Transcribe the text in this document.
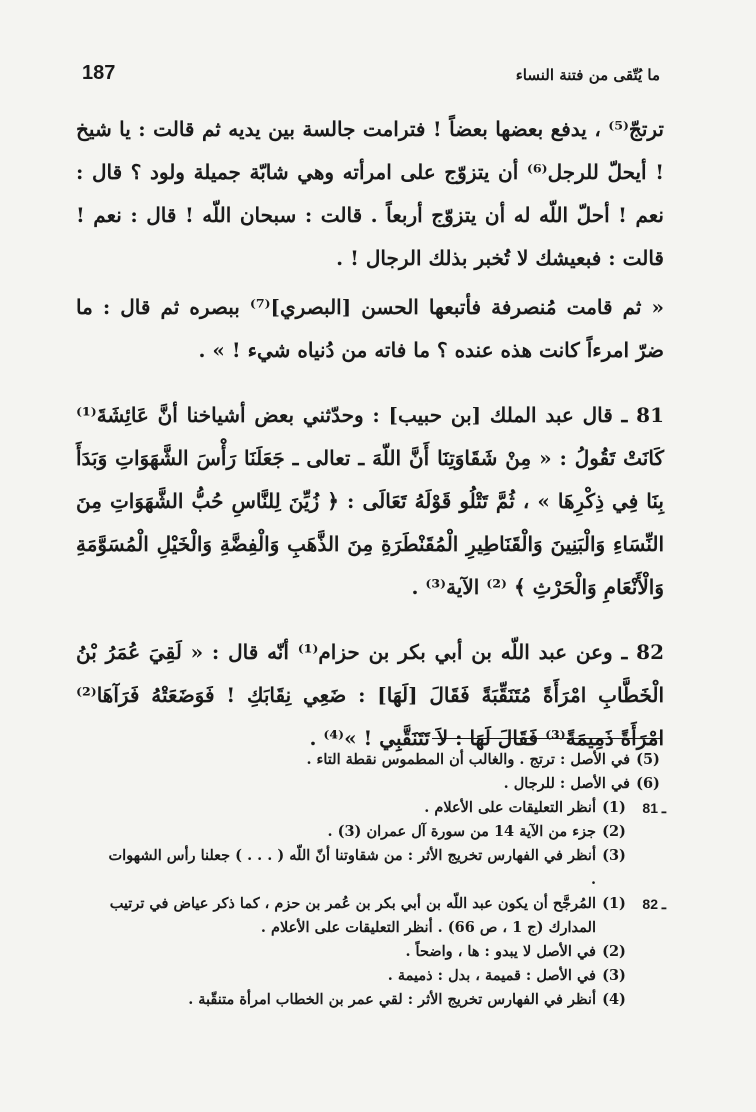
ما يُتّقى من فتنة النساء
187

ترتجّ⁽⁵⁾ ، يدفع بعضها بعضاً ! فترامت جالسة بين يديه ثم قالت : يا شيخ ! أيحلّ للرجل⁽⁶⁾ أن يتزوّج على امرأته وهي شابّة جميلة ولود ؟ قال : نعم ! أحلّ اللّه له أن يتزوّج أربعاً . قالت : سبحان اللّه ! قال : نعم ! قالت : فبعيشك لا تُخبر بذلك الرجال ! .

« ثم قامت مُنصرفة فأتبعها الحسن [البصري]⁽⁷⁾ ببصره ثم قال : ما ضرّ امرءاً كانت هذه عنده ؟ ما فاته من دُنياه شيء ! » .

81 ـ قال عبد الملك [بن حبيب] : وحدّثني بعض أشياخنا أنَّ عَائِشَةَ⁽¹⁾ كَانَتْ تَقُولُ : « مِنْ شَقَاوَتِنَا أَنَّ اللّهَ ـ تعالى ـ جَعَلَنَا رَأْسَ الشَّهَوَاتِ وَبَدَأَ بِنَا فِي ذِكْرِهَا » ، ثُمَّ تَتْلُو قَوْلَهُ تَعَالَى : ﴿ زُيِّنَ لِلنَّاسِ حُبُّ الشَّهَوَاتِ مِنَ النِّسَاءِ وَالْبَنِينَ وَالْقَنَاطِيرِ الْمُقَنْطَرَةِ مِنَ الذَّهَبِ وَالْفِضَّةِ وَالْخَيْلِ الْمُسَوَّمَةِ وَالْأَنْعَامِ وَالْحَرْثِ ﴾ ⁽²⁾ الآية⁽³⁾ .

82 ـ وعن عبد اللّه بن أبي بكر بن حزام⁽¹⁾ أنّه قال : « لَقِيَ عُمَرُ بْنُ الْخَطَّابِ امْرَأَةً مُتَنَقِّبَةً فَقَالَ [لَهَا] : ضَعِي نِقَابَكِ ! فَوَضَعَتْهُ فَرَآهَا⁽²⁾ امْرَأَةً ذَمِيمَةً⁽³⁾ فَقَالَ لَهَا : لاَ تَتَنَقَّبِي ! »⁽⁴⁾ .

(5)
في الأصل : ترتج . والغالب أن المطموس نقطة التاء .
(6)
في الأصل : للرجال .
81 ـ
(1)
أنظر التعليقات على الأعلام .
(2)
جزء من الآية 14 من سورة آل عمران (3) .
(3)
أنظر في الفهارس تخريج الأثر : من شقاوتنا أنّ اللّه ( . . . ) جعلنا رأس الشهوات .
82 ـ
(1)
المُرجَّح أن يكون عبد اللّه بن أبي بكر بن عُمر بن حزم ، كما ذكر عياض في ترتيب المدارك (ج 1 ، ص 66) . أنظر التعليقات على الأعلام .
(2)
في الأصل لا يبدو : ها ، واضحاً .
(3)
في الأصل : قميمة ، بدل : ذميمة .
(4)
أنظر في الفهارس تخريج الأثر : لقي عمر بن الخطاب امرأة متنقّبة .
